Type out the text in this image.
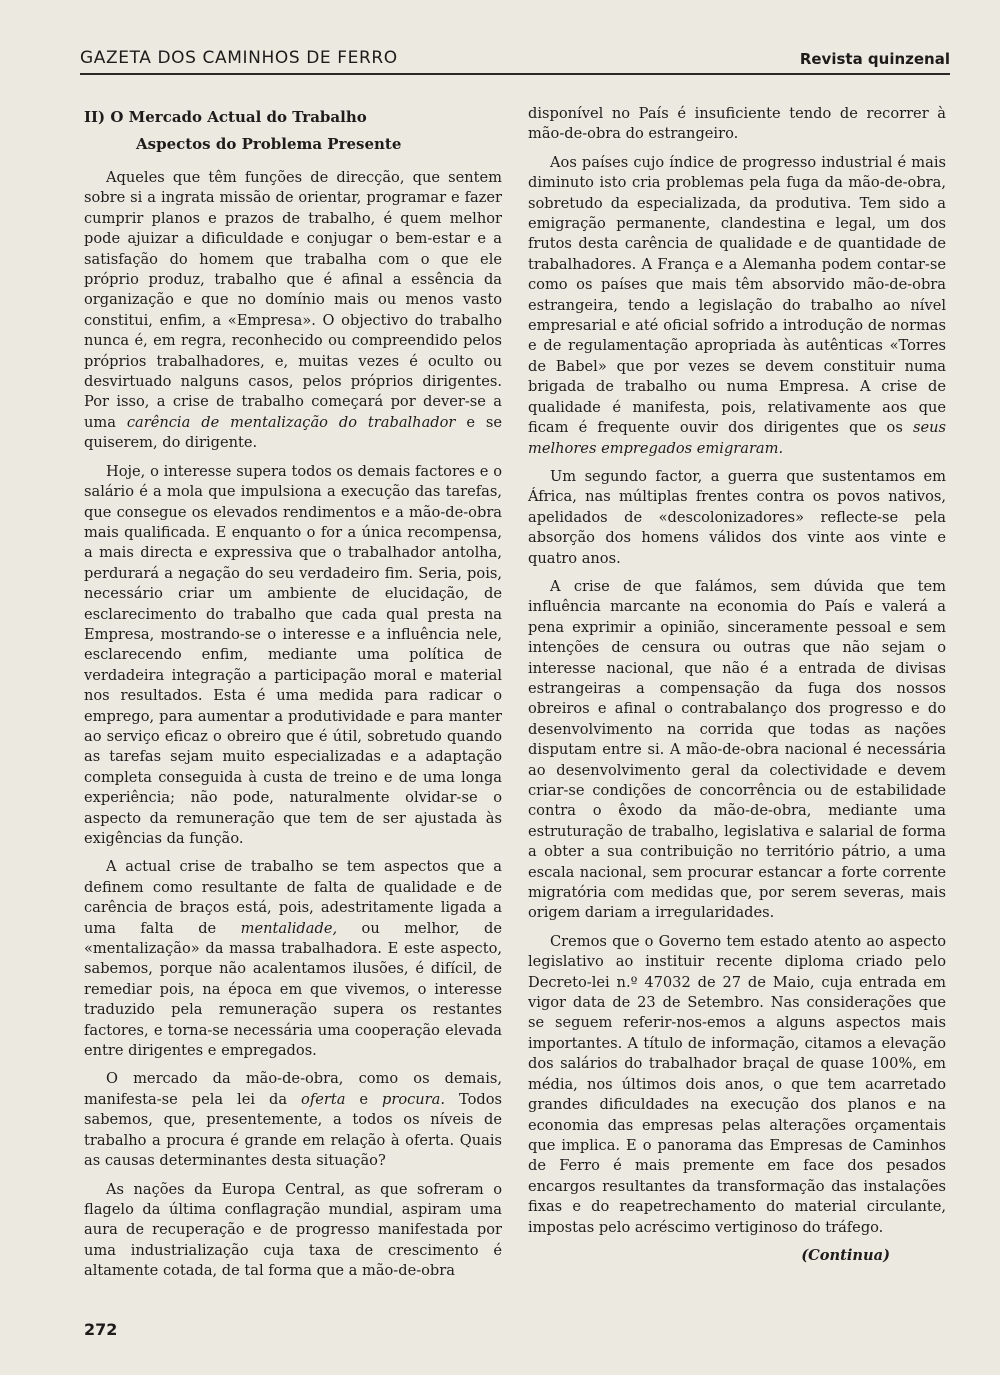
GAZETA DOS CAMINHOS DE FERRO	Revista quinzenal
II) O Mercado Actual do Trabalho
Aspectos do Problema Presente

Aqueles que têm funções de direcção, que sentem sobre si a ingrata missão de orientar, programar e fazer cumprir planos e prazos de trabalho, é quem melhor pode ajuizar a dificuldade e conjugar o bem-estar e a satisfação do homem que trabalha com o que ele próprio produz, trabalho que é afinal a essência da organização e que no domínio mais ou menos vasto constitui, enfim, a «Empresa». O objectivo do trabalho nunca é, em regra, reconhecido ou compreendido pelos próprios trabalhadores, e, muitas vezes é oculto ou desvirtuado nalguns casos, pelos próprios dirigentes. Por isso, a crise de trabalho começará por dever-se a uma carência de mentalização do trabalhador e se quiserem, do dirigente.

Hoje, o interesse supera todos os demais factores e o salário é a mola que impulsiona a execução das tarefas, que consegue os elevados rendimentos e a mão-de-obra mais qualificada. E enquanto o for a única recompensa, a mais directa e expressiva que o trabalhador antolha, perdurará a negação do seu verdadeiro fim. Seria, pois, necessário criar um ambiente de elucidação, de esclarecimento do trabalho que cada qual presta na Empresa, mostrando-se o interesse e a influência nele, esclarecendo enfim, mediante uma política de verdadeira integração a participação moral e material nos resultados. Esta é uma medida para radicar o emprego, para aumentar a produtividade e para manter ao serviço eficaz o obreiro que é útil, sobretudo quando as tarefas sejam muito especializadas e a adaptação completa conseguida à custa de treino e de uma longa experiência; não pode, naturalmente olvidar-se o aspecto da remuneração que tem de ser ajustada às exigências da função.

A actual crise de trabalho se tem aspectos que a definem como resultante de falta de qualidade e de carência de braços está, pois, adestritamente ligada a uma falta de mentalidade, ou melhor, de «mentalização» da massa trabalhadora. E este aspecto, sabemos, porque não acalentamos ilusões, é difícil, de remediar pois, na época em que vivemos, o interesse traduzido pela remuneração supera os restantes factores, e torna-se necessária uma cooperação elevada entre dirigentes e empregados.

O mercado da mão-de-obra, como os demais, manifesta-se pela lei da oferta e procura. Todos sabemos, que, presentemente, a todos os níveis de trabalho a procura é grande em relação à oferta. Quais as causas determinantes desta situação?

As nações da Europa Central, as que sofreram o flagelo da última conflagração mundial, aspiram uma aura de recuperação e de progresso manifestada por uma industrialização cuja taxa de crescimento é altamente cotada, de tal forma que a mão-de-obra

disponível no País é insuficiente tendo de recorrer à mão-de-obra do estrangeiro.

Aos países cujo índice de progresso industrial é mais diminuto isto cria problemas pela fuga da mão-de-obra, sobretudo da especializada, da produtiva. Tem sido a emigração permanente, clandestina e legal, um dos frutos desta carência de qualidade e de quantidade de trabalhadores. A França e a Alemanha podem contar-se como os países que mais têm absorvido mão-de-obra estrangeira, tendo a legislação do trabalho ao nível empresarial e até oficial sofrido a introdução de normas e de regulamentação apropriada às autênticas «Torres de Babel» que por vezes se devem constituir numa brigada de trabalho ou numa Empresa. A crise de qualidade é manifesta, pois, relativamente aos que ficam é frequente ouvir dos dirigentes que os seus melhores empregados emigraram.

Um segundo factor, a guerra que sustentamos em África, nas múltiplas frentes contra os povos nativos, apelidados de «descolonizadores» reflecte-se pela absorção dos homens válidos dos vinte aos vinte e quatro anos.

A crise de que falámos, sem dúvida que tem influência marcante na economia do País e valerá a pena exprimir a opinião, sinceramente pessoal e sem intenções de censura ou outras que não sejam o interesse nacional, que não é a entrada de divisas estrangeiras a compensação da fuga dos nossos obreiros e afinal o contrabalanço dos progresso e do desenvolvimento na corrida que todas as nações disputam entre si. A mão-de-obra nacional é necessária ao desenvolvimento geral da colectividade e devem criar-se condições de concorrência ou de estabilidade contra o êxodo da mão-de-obra, mediante uma estruturação de trabalho, legislativa e salarial de forma a obter a sua contribuição no território pátrio, a uma escala nacional, sem procurar estancar a forte corrente migratória com medidas que, por serem severas, mais origem dariam a irregularidades.

Cremos que o Governo tem estado atento ao aspecto legislativo ao instituir recente diploma criado pelo Decreto-lei n.º 47032 de 27 de Maio, cuja entrada em vigor data de 23 de Setembro. Nas considerações que se seguem referir-nos-emos a alguns aspectos mais importantes. A título de informação, citamos a elevação dos salários do trabalhador braçal de quase 100%, em média, nos últimos dois anos, o que tem acarretado grandes dificuldades na execução dos planos e na economia das empresas pelas alterações orçamentais que implica. E o panorama das Empresas de Caminhos de Ferro é mais premente em face dos pesados encargos resultantes da transformação das instalações fixas e do reapetrechamento do material circulante, impostas pelo acréscimo vertiginoso do tráfego.

(Continua)
272
